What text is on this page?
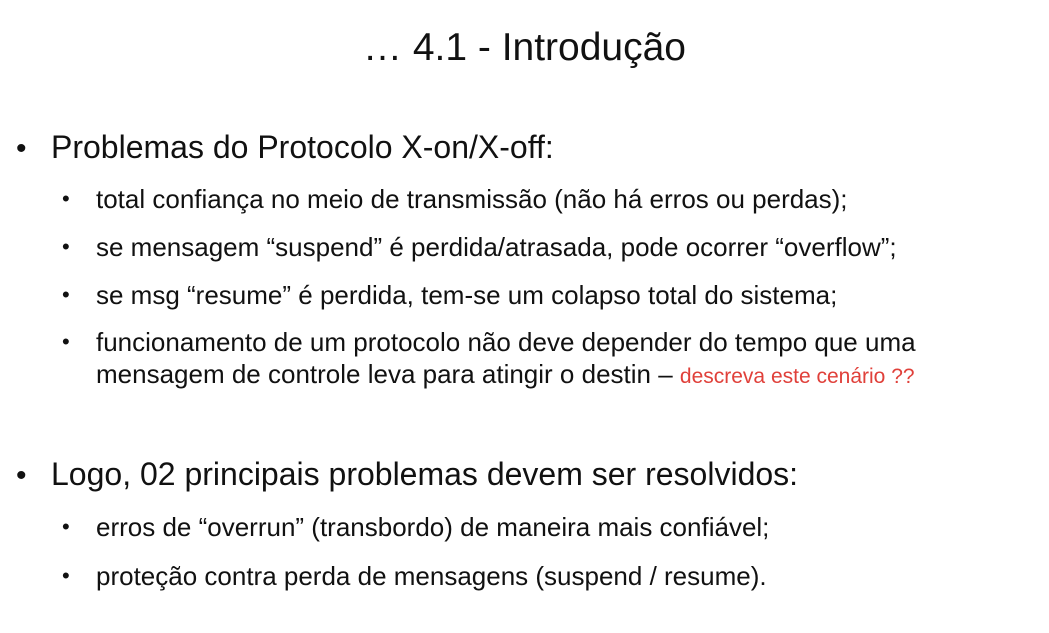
… 4.1 - Introdução
• Problemas do Protocolo X-on/X-off:
• total confiança no meio de transmissão (não há erros ou perdas);
• se mensagem “suspend” é perdida/atrasada, pode ocorrer “overflow”;
• se msg “resume” é perdida, tem-se um colapso total do sistema;
• funcionamento de um protocolo não deve depender do tempo que uma
mensagem de controle leva para atingir o destin – descreva este cenário ??
• Logo, 02 principais problemas devem ser resolvidos:
• erros de “overrun” (transbordo) de maneira mais confiável;
• proteção contra perda de mensagens (suspend / resume).
